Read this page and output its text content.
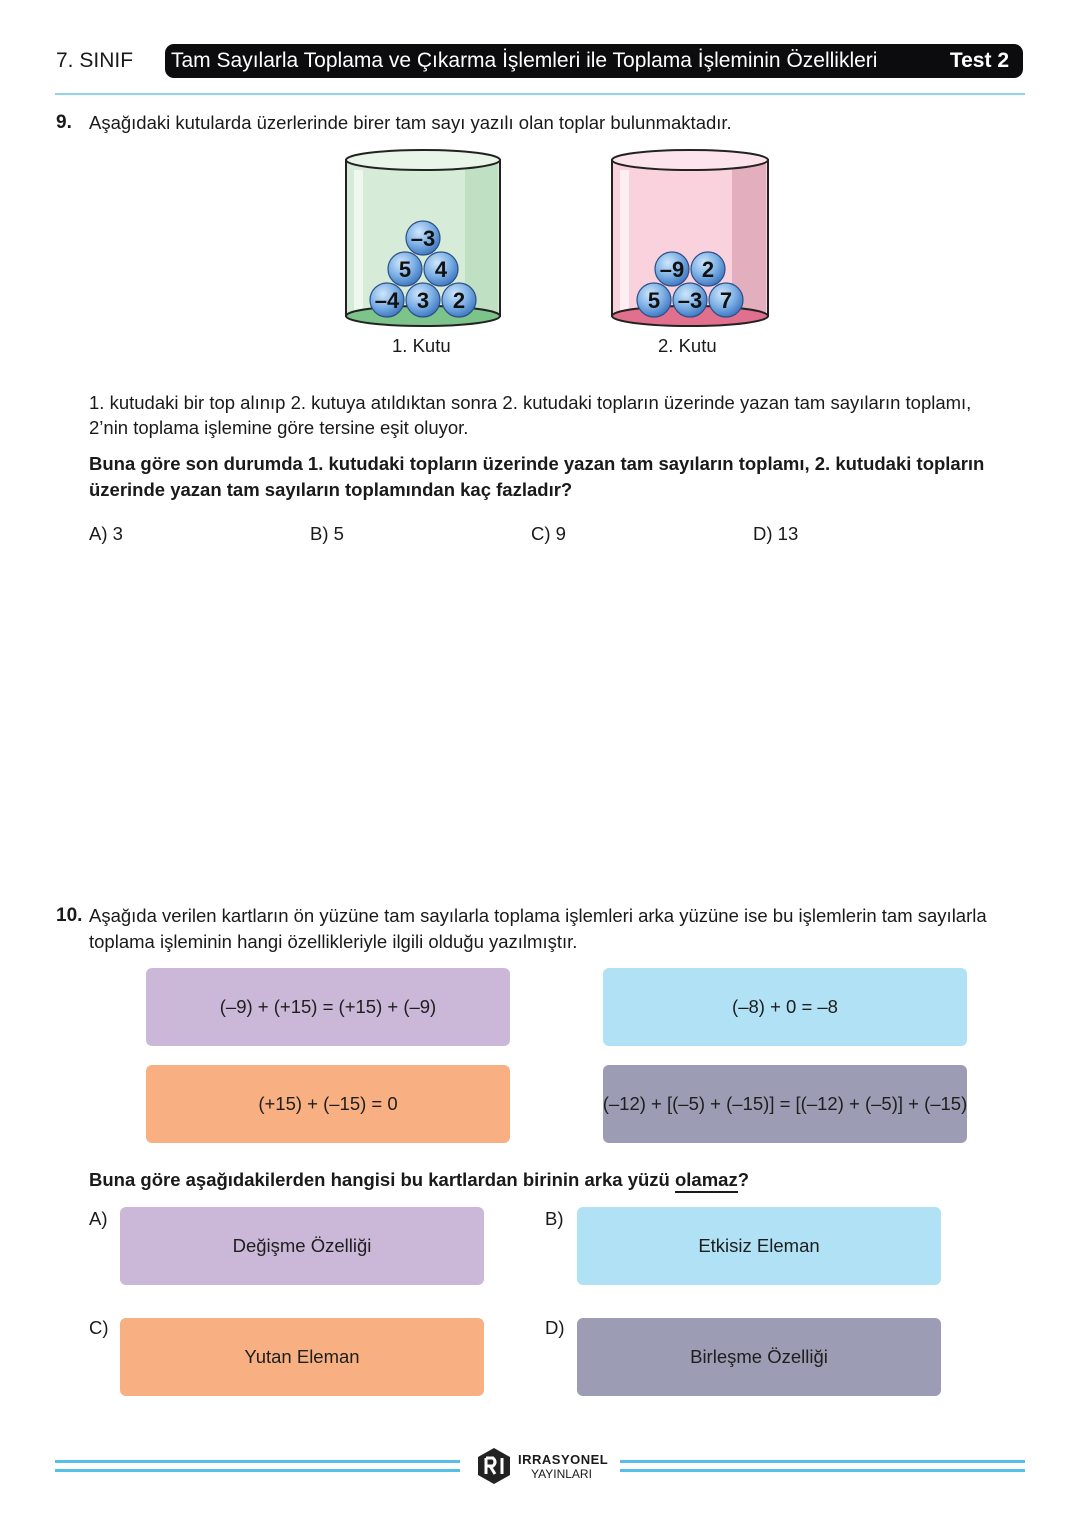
7. SINIF Tam Sayılarla Toplama ve Çıkarma İşlemleri ile Toplama İşleminin Özellikleri	Test 2
9. Aşağıdaki kutularda üzerlerinde birer tam sayı yazılı olan toplar bulunmaktadır.
–3
5 4
–4 3 2
–9 2
5 –3 7
1. Kutu	2. Kutu
1. kutudaki bir top alınıp 2. kutuya atıldıktan sonra 2. kutudaki topların üzerinde yazan tam sayıların toplamı,
2’nin toplama işlemine göre tersine eşit oluyor.
Buna göre son durumda 1. kutudaki topların üzerinde yazan tam sayıların toplamı, 2. kutudaki topların
üzerinde yazan tam sayıların toplamından kaç fazladır?
A) 3	B) 5	C) 9	D) 13
10. Aşağıda verilen kartların ön yüzüne tam sayılarla toplama işlemleri arka yüzüne ise bu işlemlerin tam sayılarla
toplama işleminin hangi özellikleriyle ilgili olduğu yazılmıştır.
(–9) + (+15) = (+15) + (–9)	(–8) + 0 = –8
(+15) + (–15) = 0	(–12) + [(–5) + (–15)] = [(–12) + (–5)] + (–15)
Buna göre aşağıdakilerden hangisi bu kartlardan birinin arka yüzü olamaz?
A)
Değişme Özelliği
B)
Etkisiz Eleman
C)
Yutan Eleman
D)
Birleşme Özelliği
IRRASYONEL
YAYINLARI
